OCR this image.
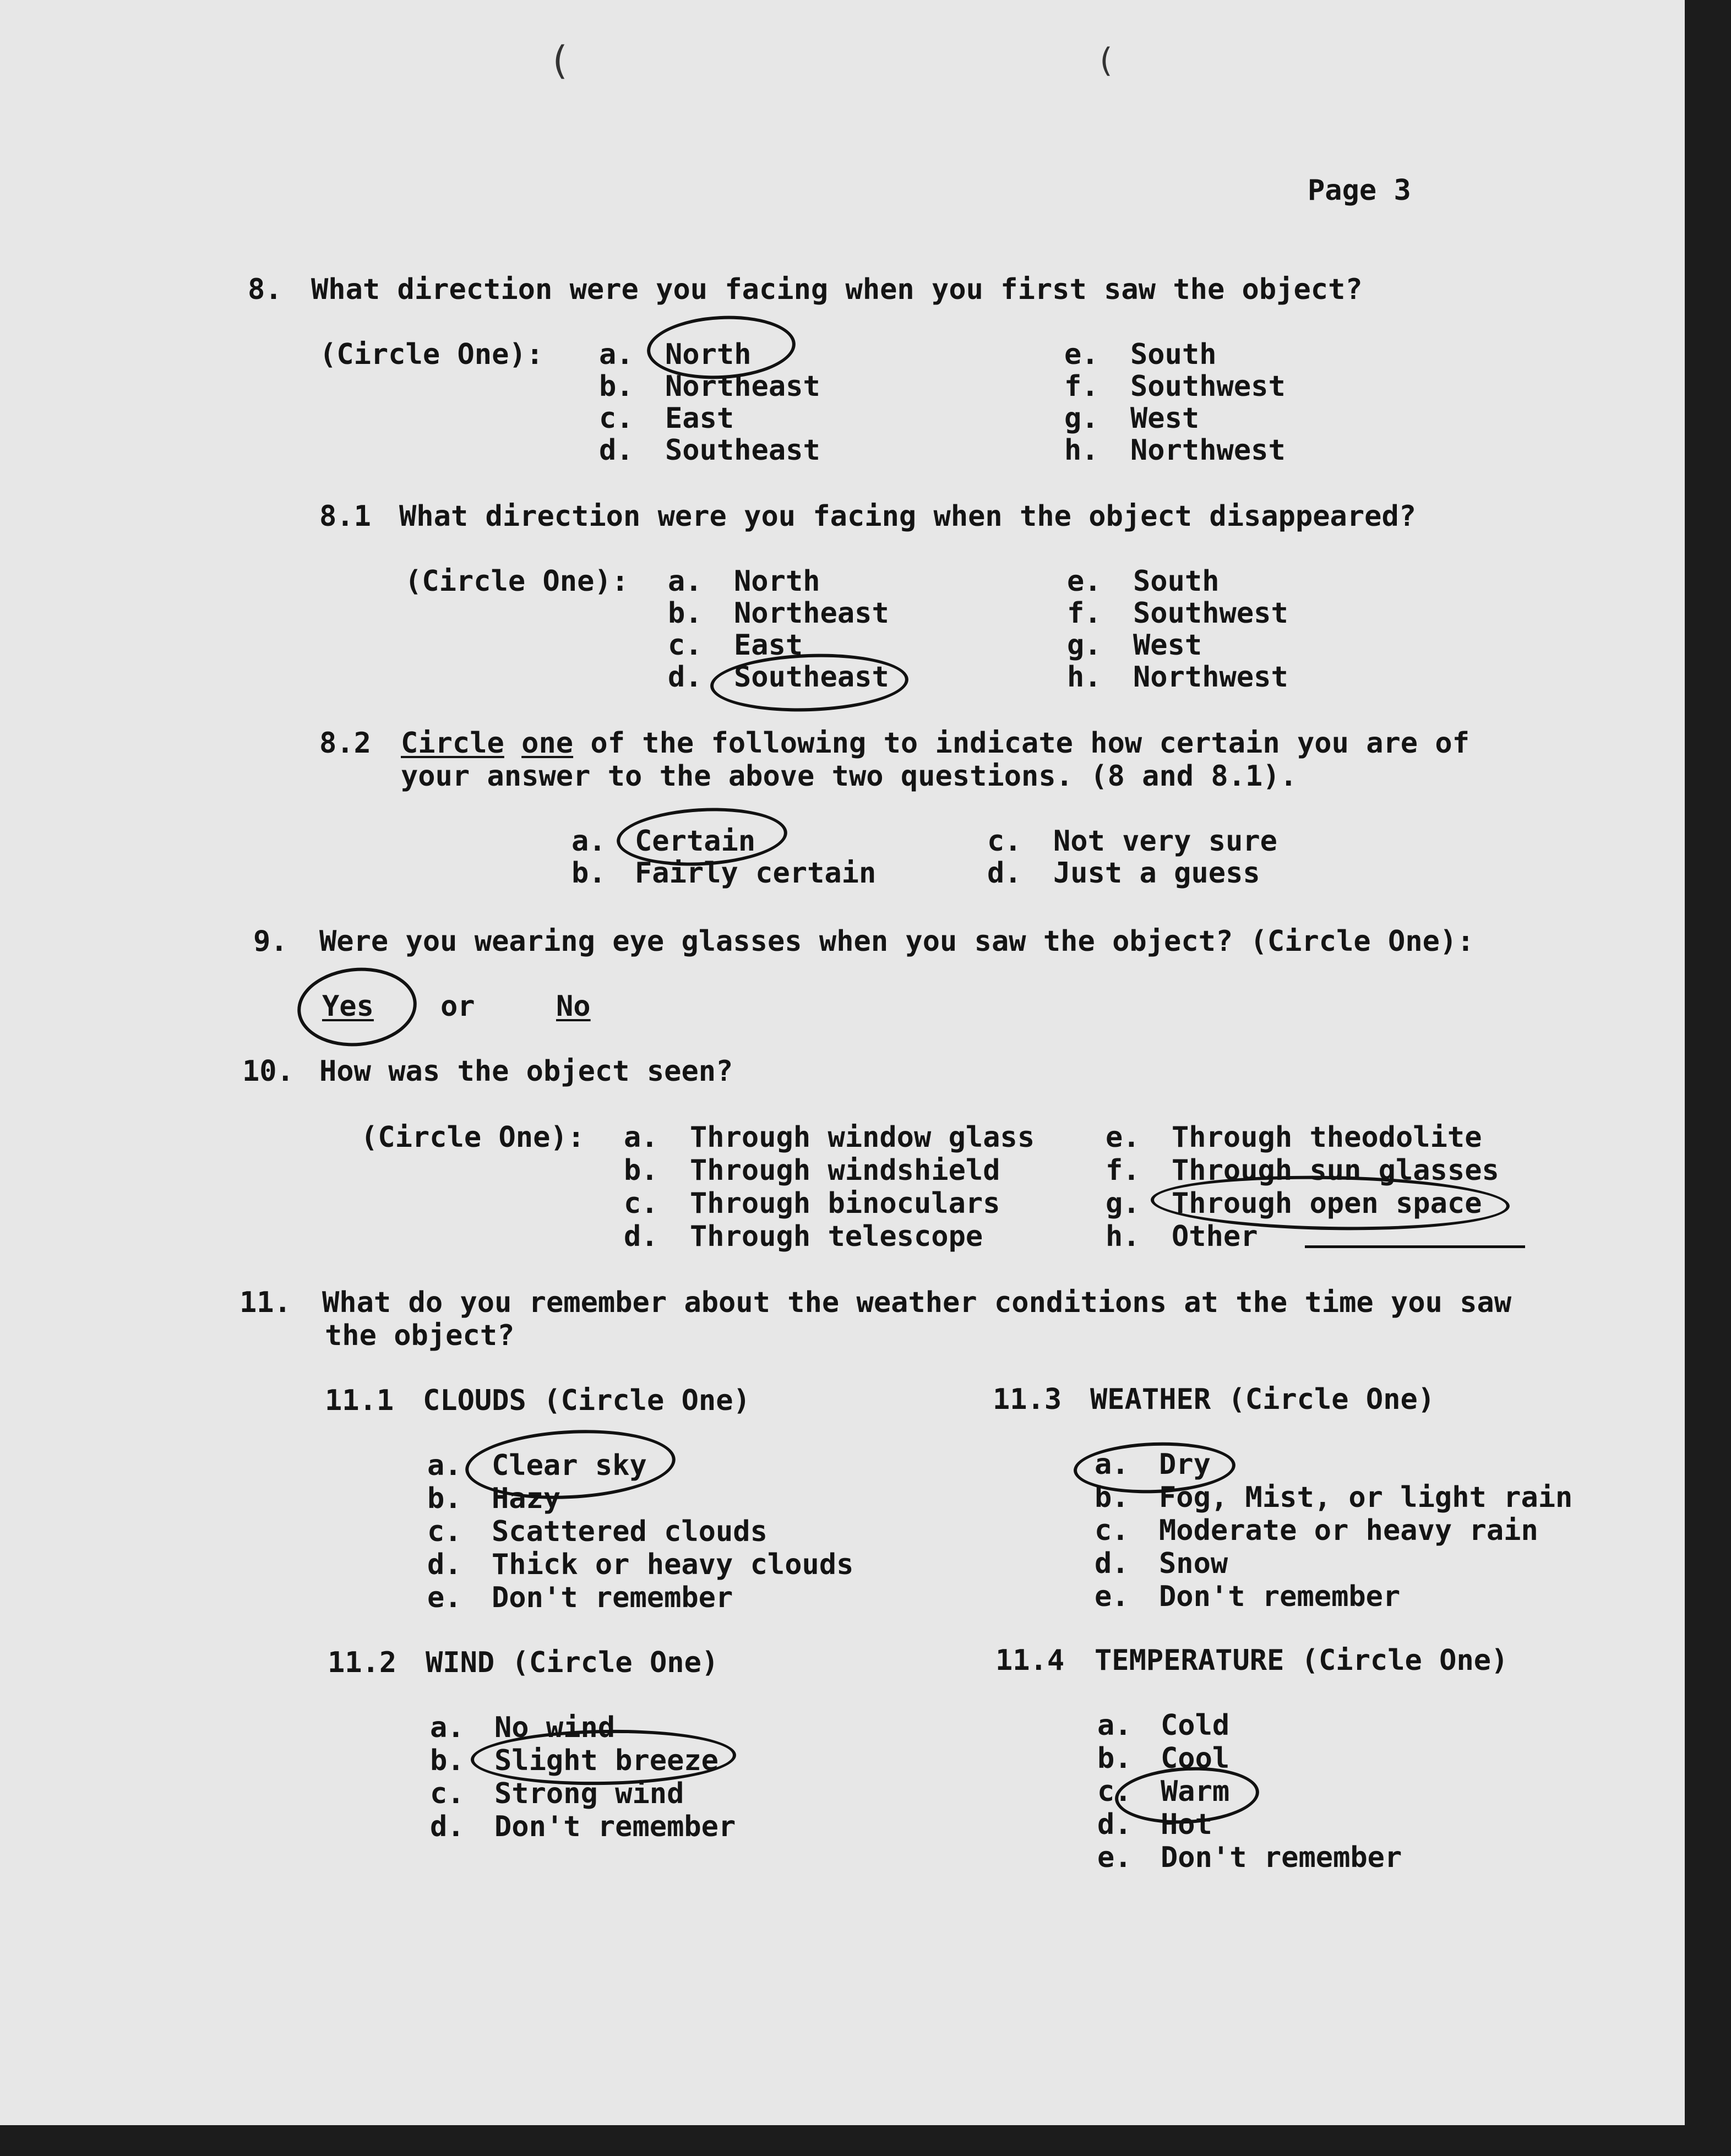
(	(
Page 3
8. What direction were you facing when you first saw the object?
(Circle One): a. North
b. Northeast
c. East
d. Southeast
e. South
f. Southwest
g. West
h. Northwest
8.1 What direction were you facing when the object disappeared?
(Circle One): a. North
b. Northeast
c. East
d. Southeast
e. South
f. Southwest
g. West
h. Northwest
8.2 Circle one of the following to indicate how certain you are of
your answer to the above two questions. (8 and 8.1).
a. Certain
b. Fairly certain
c. Not very sure
d. Just a guess
9. Were you wearing eye glasses when you saw the object? (Circle One):
Yes or	No
10. How was the object seen?
(Circle One): a. Through window glass
b. Through windshield
c. Through binoculars
d. Through telescope
e. Through theodolite
f. Through sun glasses
g. Through open space
h. Other
11. What do you remember about the weather conditions at the time you saw
the object?
11.1 CLOUDS (Circle One)
a. Clear sky
b. Hazy
c. Scattered clouds
d. Thick or heavy clouds
e. Don't remember
11.2 WIND (Circle One)
a. No wind
b. Slight breeze
c. Strong wind
d. Don't remember
11.3 WEATHER (Circle One)
a. Dry
b. Fog, Mist, or light rain
c. Moderate or heavy rain
d. Snow
e. Don't remember
11.4 TEMPERATURE (Circle One)
a. Cold
b. Cool
c. Warm
d. Hot
e. Don't remember
